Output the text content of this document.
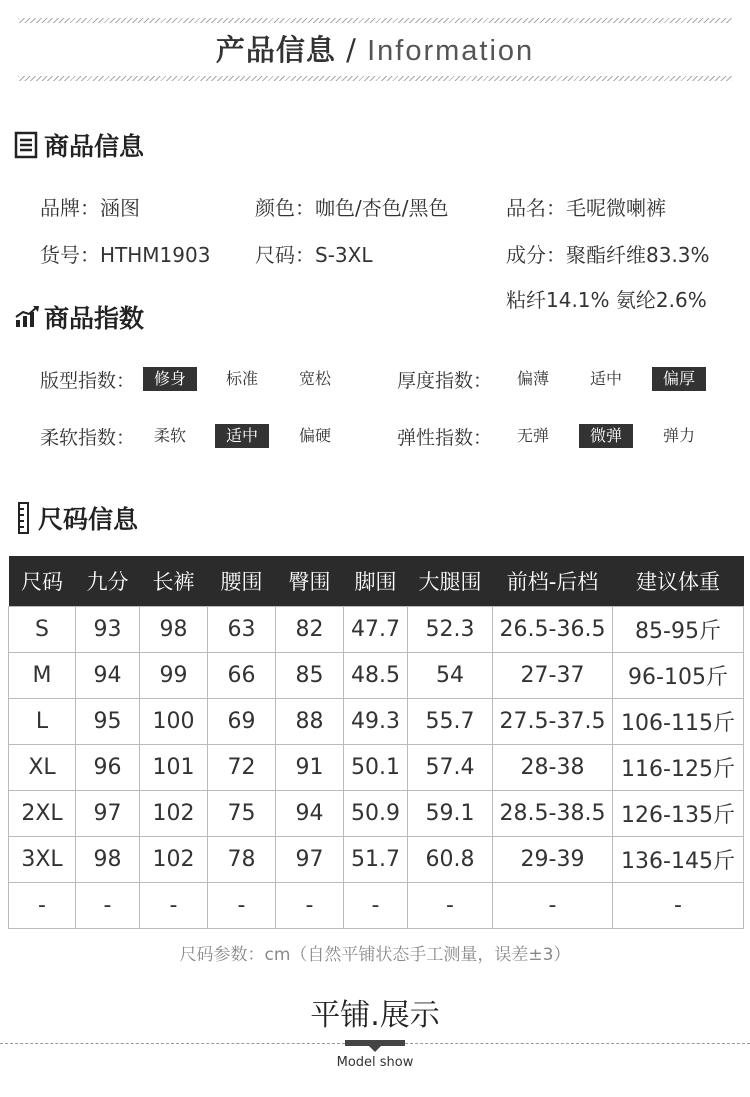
产品信息 / Information
商品信息
品牌：涵图	颜色：咖色/杏色/黑色	品名：毛呢微喇裤
货号：HTHM1903 尺码：S-3XL	成分：聚酯纤维83.3%
粘纤14.1% 氨纶2.6%
商品指数
版型指数：	修身	标准	宽松	厚度指数：	偏薄	适中	偏厚
柔软指数：	柔软	适中	偏硬	弹性指数：	无弹	微弹	弹力
尺码信息
尺码	九分	长裤	腰围	臀围	脚围	大腿围	前档-后档	建议体重
S	93	98	63	82	47.7	52.3	26.5-36.5	85-95斤
M	94	99	66	85	48.5	54	27-37	96-105斤
L	95	100	69	88	49.3	55.7	27.5-37.5	106-115斤
XL	96	101	72	91	50.1	57.4	28-38	116-125斤
2XL	97	102	75	94	50.9	59.1	28.5-38.5	126-135斤
3XL	98	102	78	97	51.7	60.8	29-39	136-145斤
-	-	-	-	-	-	-	-	-
尺码参数：cm（自然平铺状态手工测量，误差±3）
平铺.展示
Model show
